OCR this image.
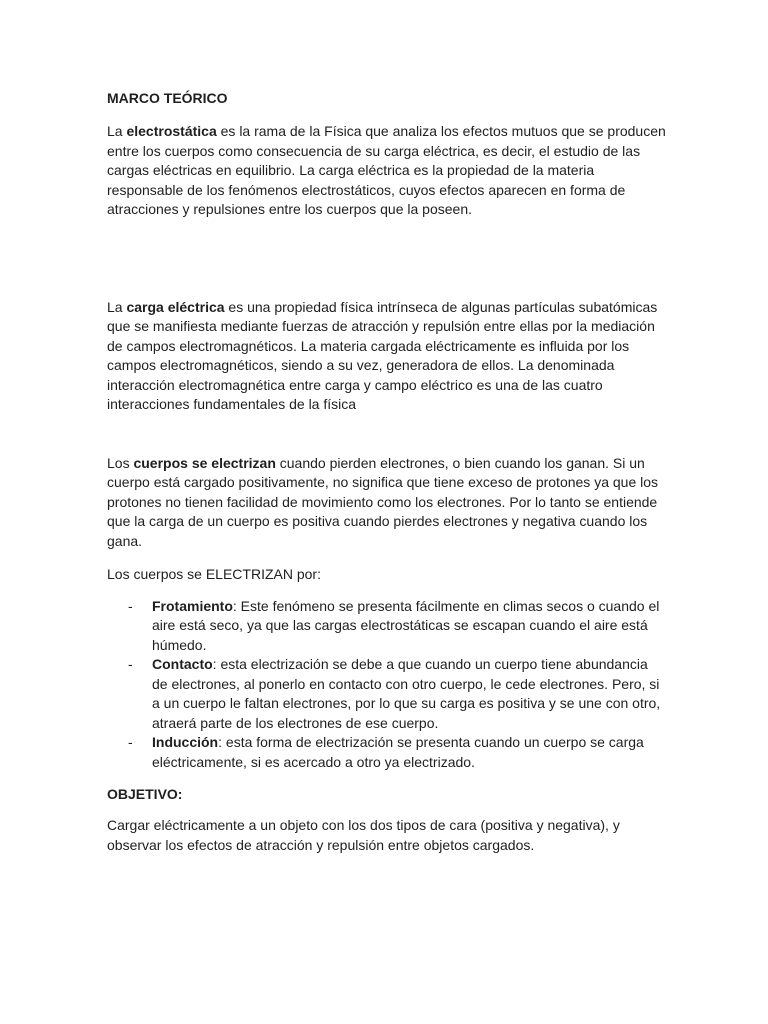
MARCO TEÓRICO

La electrostática es la rama de la Física que analiza los efectos mutuos que se producen entre los cuerpos como consecuencia de su carga eléctrica, es decir, el estudio de las cargas eléctricas en equilibrio. La carga eléctrica es la propiedad de la materia responsable de los fenómenos electrostáticos, cuyos efectos aparecen en forma de atracciones y repulsiones entre los cuerpos que la poseen.

La carga eléctrica es una propiedad física intrínseca de algunas partículas subatómicas que se manifiesta mediante fuerzas de atracción y repulsión entre ellas por la mediación de campos electromagnéticos. La materia cargada eléctricamente es influida por los campos electromagnéticos, siendo a su vez, generadora de ellos. La denominada interacción electromagnética entre carga y campo eléctrico es una de las cuatro interacciones fundamentales de la física

Los cuerpos se electrizan cuando pierden electrones, o bien cuando los ganan. Si un cuerpo está cargado positivamente, no significa que tiene exceso de protones ya que los protones no tienen facilidad de movimiento como los electrones. Por lo tanto se entiende que la carga de un cuerpo es positiva cuando pierdes electrones y negativa cuando los gana.

Los cuerpos se ELECTRIZAN por:

- Frotamiento: Este fenómeno se presenta fácilmente en climas secos o cuando el aire está seco, ya que las cargas electrostáticas se escapan cuando el aire está húmedo.
- Contacto: esta electrización se debe a que cuando un cuerpo tiene abundancia de electrones, al ponerlo en contacto con otro cuerpo, le cede electrones. Pero, si a un cuerpo le faltan electrones, por lo que su carga es positiva y se une con otro, atraerá parte de los electrones de ese cuerpo.
- Inducción: esta forma de electrización se presenta cuando un cuerpo se carga eléctricamente, si es acercado a otro ya electrizado.
OBJETIVO:

Cargar eléctricamente a un objeto con los dos tipos de cara (positiva y negativa), y observar los efectos de atracción y repulsión entre objetos cargados.
